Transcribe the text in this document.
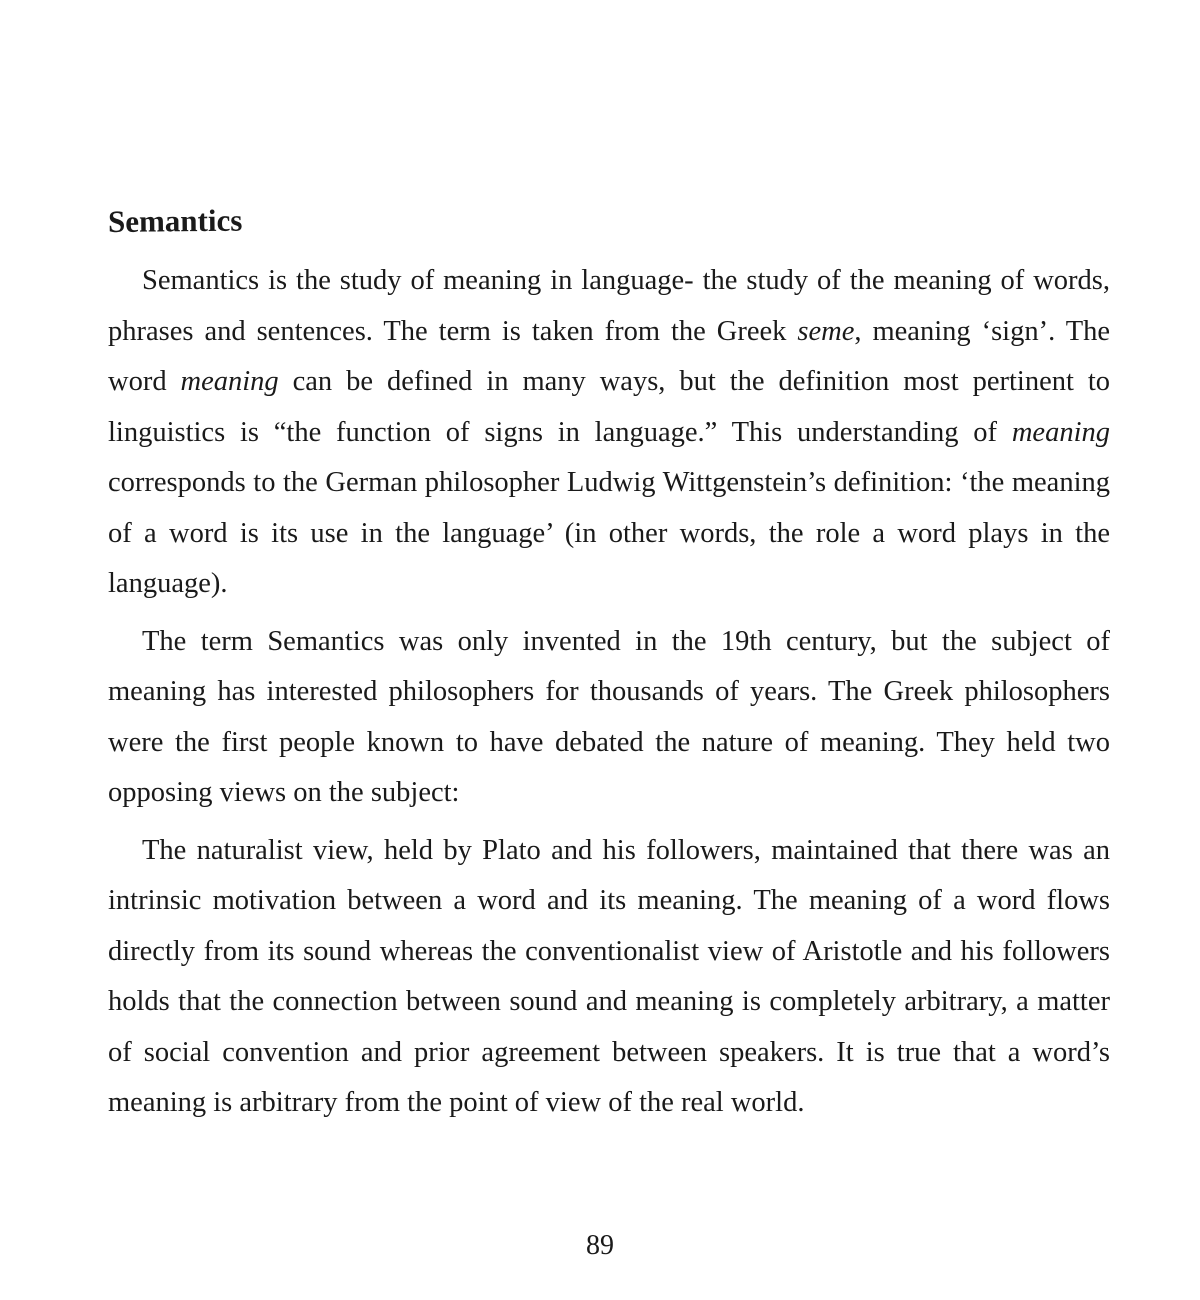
Semantics

Semantics is the study of meaning in language- the study of the meaning of words, phrases and sentences. The term is taken from the Greek seme, meaning ‘sign’. The word meaning can be defined in many ways, but the definition most pertinent to linguistics is “the function of signs in language.” This understanding of meaning corresponds to the German philosopher Ludwig Wittgenstein’s definition: ‘the meaning of a word is its use in the language’ (in other words, the role a word plays in the language).

The term Semantics was only invented in the 19th century, but the subject of meaning has interested philosophers for thousands of years. The Greek philosophers were the first people known to have debated the nature of meaning. They held two opposing views on the subject:

The naturalist view, held by Plato and his followers, maintained that there was an intrinsic motivation between a word and its meaning. The meaning of a word flows directly from its sound whereas the conventionalist view of Aristotle and his followers holds that the connection between sound and meaning is completely arbitrary, a matter of social convention and prior agreement between speakers. It is true that a word’s meaning is arbitrary from the point of view of the real world.

89
